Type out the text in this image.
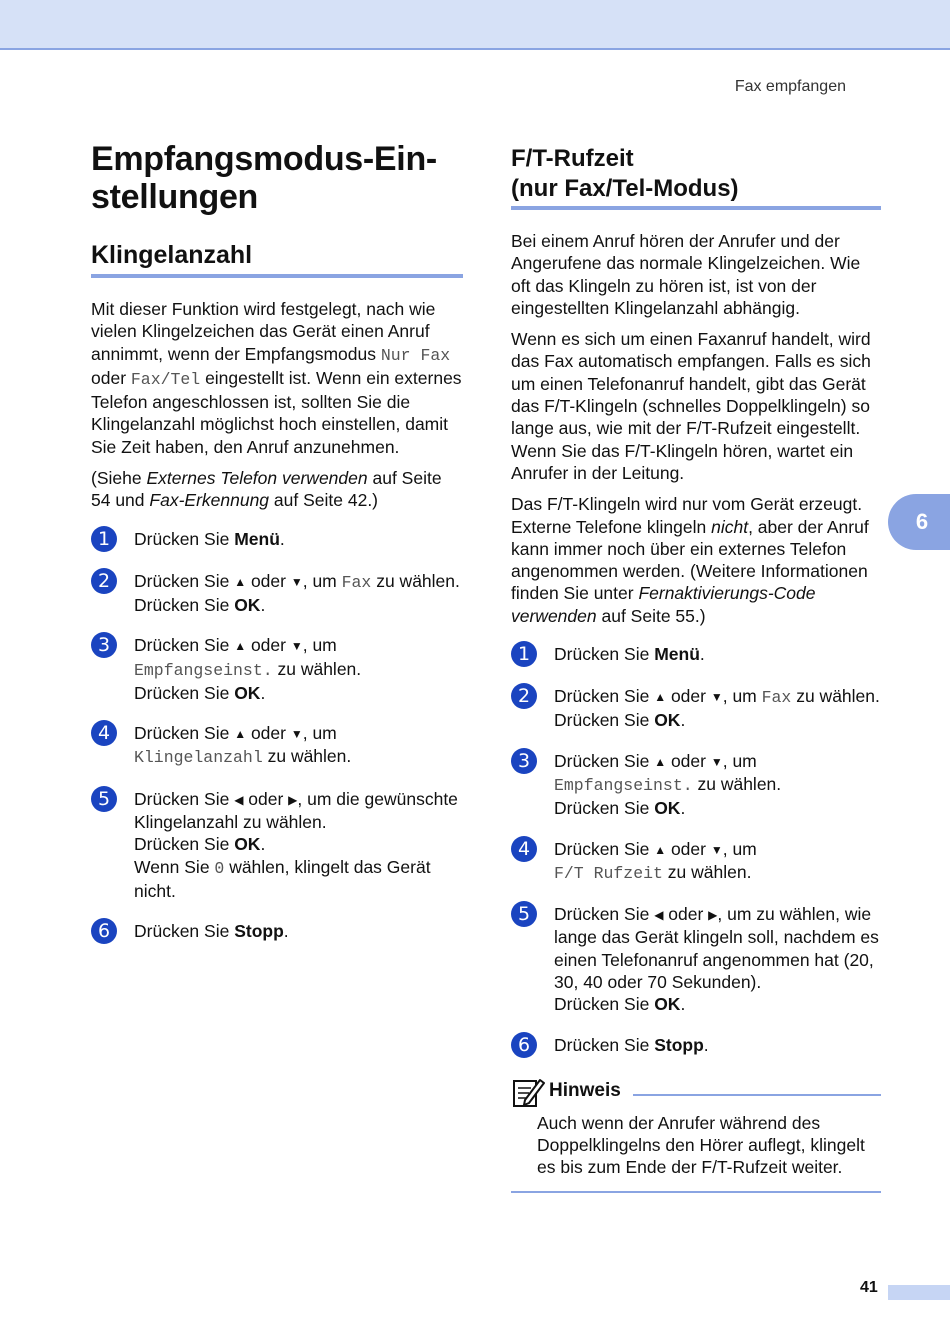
Fax empfangen
Empfangsmodus-Ein-
stellungen
Klingelanzahl

Mit dieser Funktion wird festgelegt, nach wie vielen Klingelzeichen das Gerät einen Anruf annimmt, wenn der Empfangsmodus Nur Fax oder Fax/Tel eingestellt ist. Wenn ein externes Telefon angeschlossen ist, sollten Sie die Klingelanzahl möglichst hoch einstellen, damit Sie Zeit haben, den Anruf anzunehmen.

(Siehe Externes Telefon verwenden auf Seite 54 und Fax-Erkennung auf Seite 42.)

1	Drücken Sie Menü.
2	Drücken Sie ▲ oder ▼, um Fax zu wählen.
Drücken Sie OK.
3	Drücken Sie ▲ oder ▼, um
Empfangseinst. zu wählen.
Drücken Sie OK.
4	Drücken Sie ▲ oder ▼, um
Klingelanzahl zu wählen.
5	Drücken Sie ◀ oder ▶, um die gewünschte Klingelanzahl zu wählen.
Drücken Sie OK.
Wenn Sie 0 wählen, klingelt das Gerät nicht.
6	Drücken Sie Stopp.
F/T-Rufzeit
(nur Fax/Tel-Modus)

Bei einem Anruf hören der Anrufer und der Angerufene das normale Klingelzeichen. Wie oft das Klingeln zu hören ist, ist von der eingestellten Klingelanzahl abhängig.

Wenn es sich um einen Faxanruf handelt, wird das Fax automatisch empfangen. Falls es sich um einen Telefonanruf handelt, gibt das Gerät das F/T-Klingeln (schnelles Doppelklingeln) so lange aus, wie mit der F/T-Rufzeit eingestellt. Wenn Sie das F/T-Klingeln hören, wartet ein Anrufer in der Leitung.

Das F/T-Klingeln wird nur vom Gerät erzeugt. Externe Telefone klingeln nicht, aber der Anruf kann immer noch über ein externes Telefon angenommen werden. (Weitere Informationen finden Sie unter Fernaktivierungs-Code verwenden auf Seite 55.)

1	Drücken Sie Menü.
2	Drücken Sie ▲ oder ▼, um Fax zu wählen.
Drücken Sie OK.
3	Drücken Sie ▲ oder ▼, um
Empfangseinst. zu wählen.
Drücken Sie OK.
4	Drücken Sie ▲ oder ▼, um
F/T Rufzeit zu wählen.
5	Drücken Sie ◀ oder ▶, um zu wählen, wie lange das Gerät klingeln soll, nachdem es einen Telefonanruf angenommen hat (20, 30, 40 oder 70 Sekunden).
Drücken Sie OK.
6	Drücken Sie Stopp.
Hinweis

Auch wenn der Anrufer während des Doppelklingelns den Hörer auflegt, klingelt es bis zum Ende der F/T-Rufzeit weiter.

6
41
